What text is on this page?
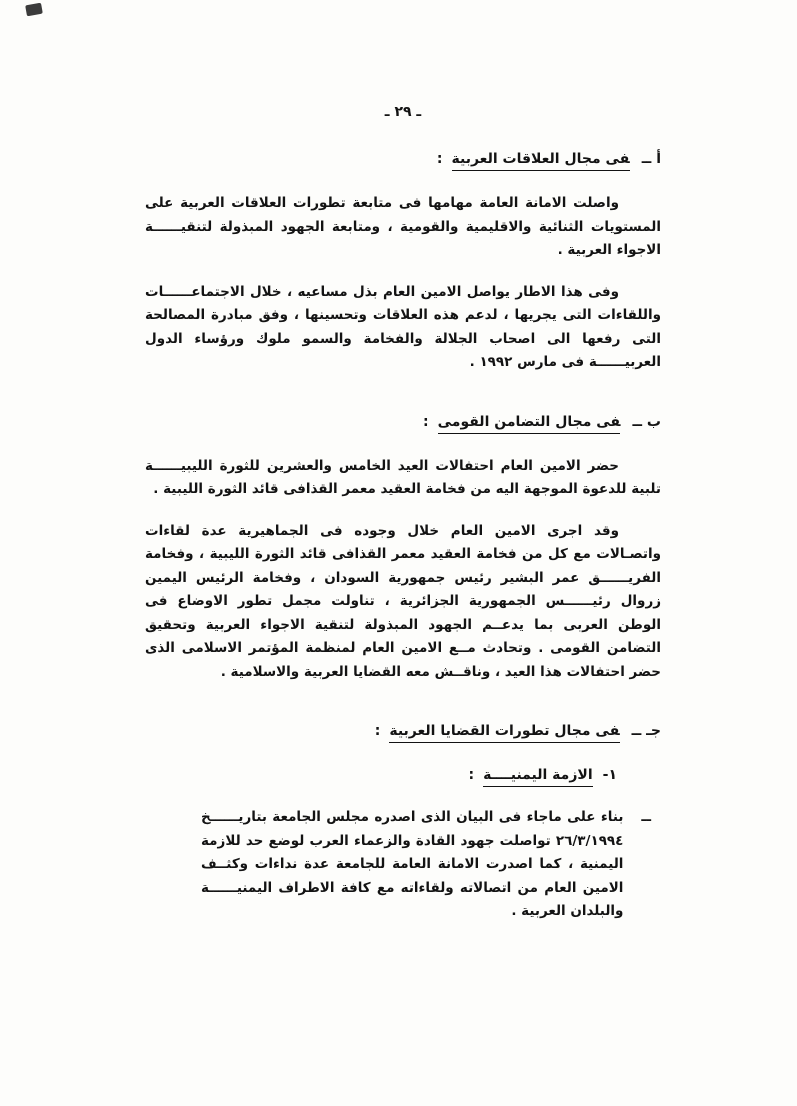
ـ ٢٩ ـ
أ ــفى مجال العلاقات العربية:

واصلت الامانة العامة مهامها فى متابعة تطورات العلاقات العربية على المستويات الثنائية والاقليمية والقومية ، ومتابعة الجهود المبذولة لتنقيــــــة الاجواء العربية .

وفى هذا الاطار يواصل الامين العام بذل مساعيه ، خلال الاجتماعــــــات واللقاءات التى يجريها ، لدعم هذه العلاقات وتحسينها ، وفق مبادرة المصالحة التى رفعها الى اصحاب الجلالة والفخامة والسمو ملوك ورؤساء الدول العربيــــــة فى مارس ١٩٩٢ .

ب ــفى مجال التضامن القومى:

حضر الامين العام احتفالات العيد الخامس والعشرين للثورة الليبيــــــة تلبية للدعوة الموجهة اليه من فخامة العقيد معمر القذافى قائد الثورة الليبية .

وقد اجرى الامين العام خلال وجوده فى الجماهيرية عدة لقاءات واتصـالات مع كل من فخامة العقيد معمر القذافى قائد الثورة الليبية ، وفخامة الفريــــــق عمر البشير رئيس جمهورية السودان ، وفخامة الرئيس اليمين زروال رئيــــــس الجمهورية الجزائرية ، تناولت مجمل تطور الاوضاع فى الوطن العربى بما يدعــم الجهود المبذولة لتنقية الاجواء العربية وتحقيق التضامن القومى . وتحادث مــع الامين العام لمنظمة المؤتمر الاسلامى الذى حضر احتفالات هذا العيد ، وناقــش معه القضايا العربية والاسلامية .

جـ ــفى مجال تطورات القضايا العربية:
١-الازمة اليمنيــــة:
ــ

بناء على ماجاء فى البيان الذى اصدره مجلس الجامعة بتاريــــــخ ٢٦/٣/١٩٩٤ تواصلت جهود القادة والزعماء العرب لوضع حد للازمة اليمنية ، كما اصدرت الامانة العامة للجامعة عدة نداءات وكثــف الامين العام من اتصالاته ولقاءاته مع كافة الاطراف اليمنيــــــة والبلدان العربية .
